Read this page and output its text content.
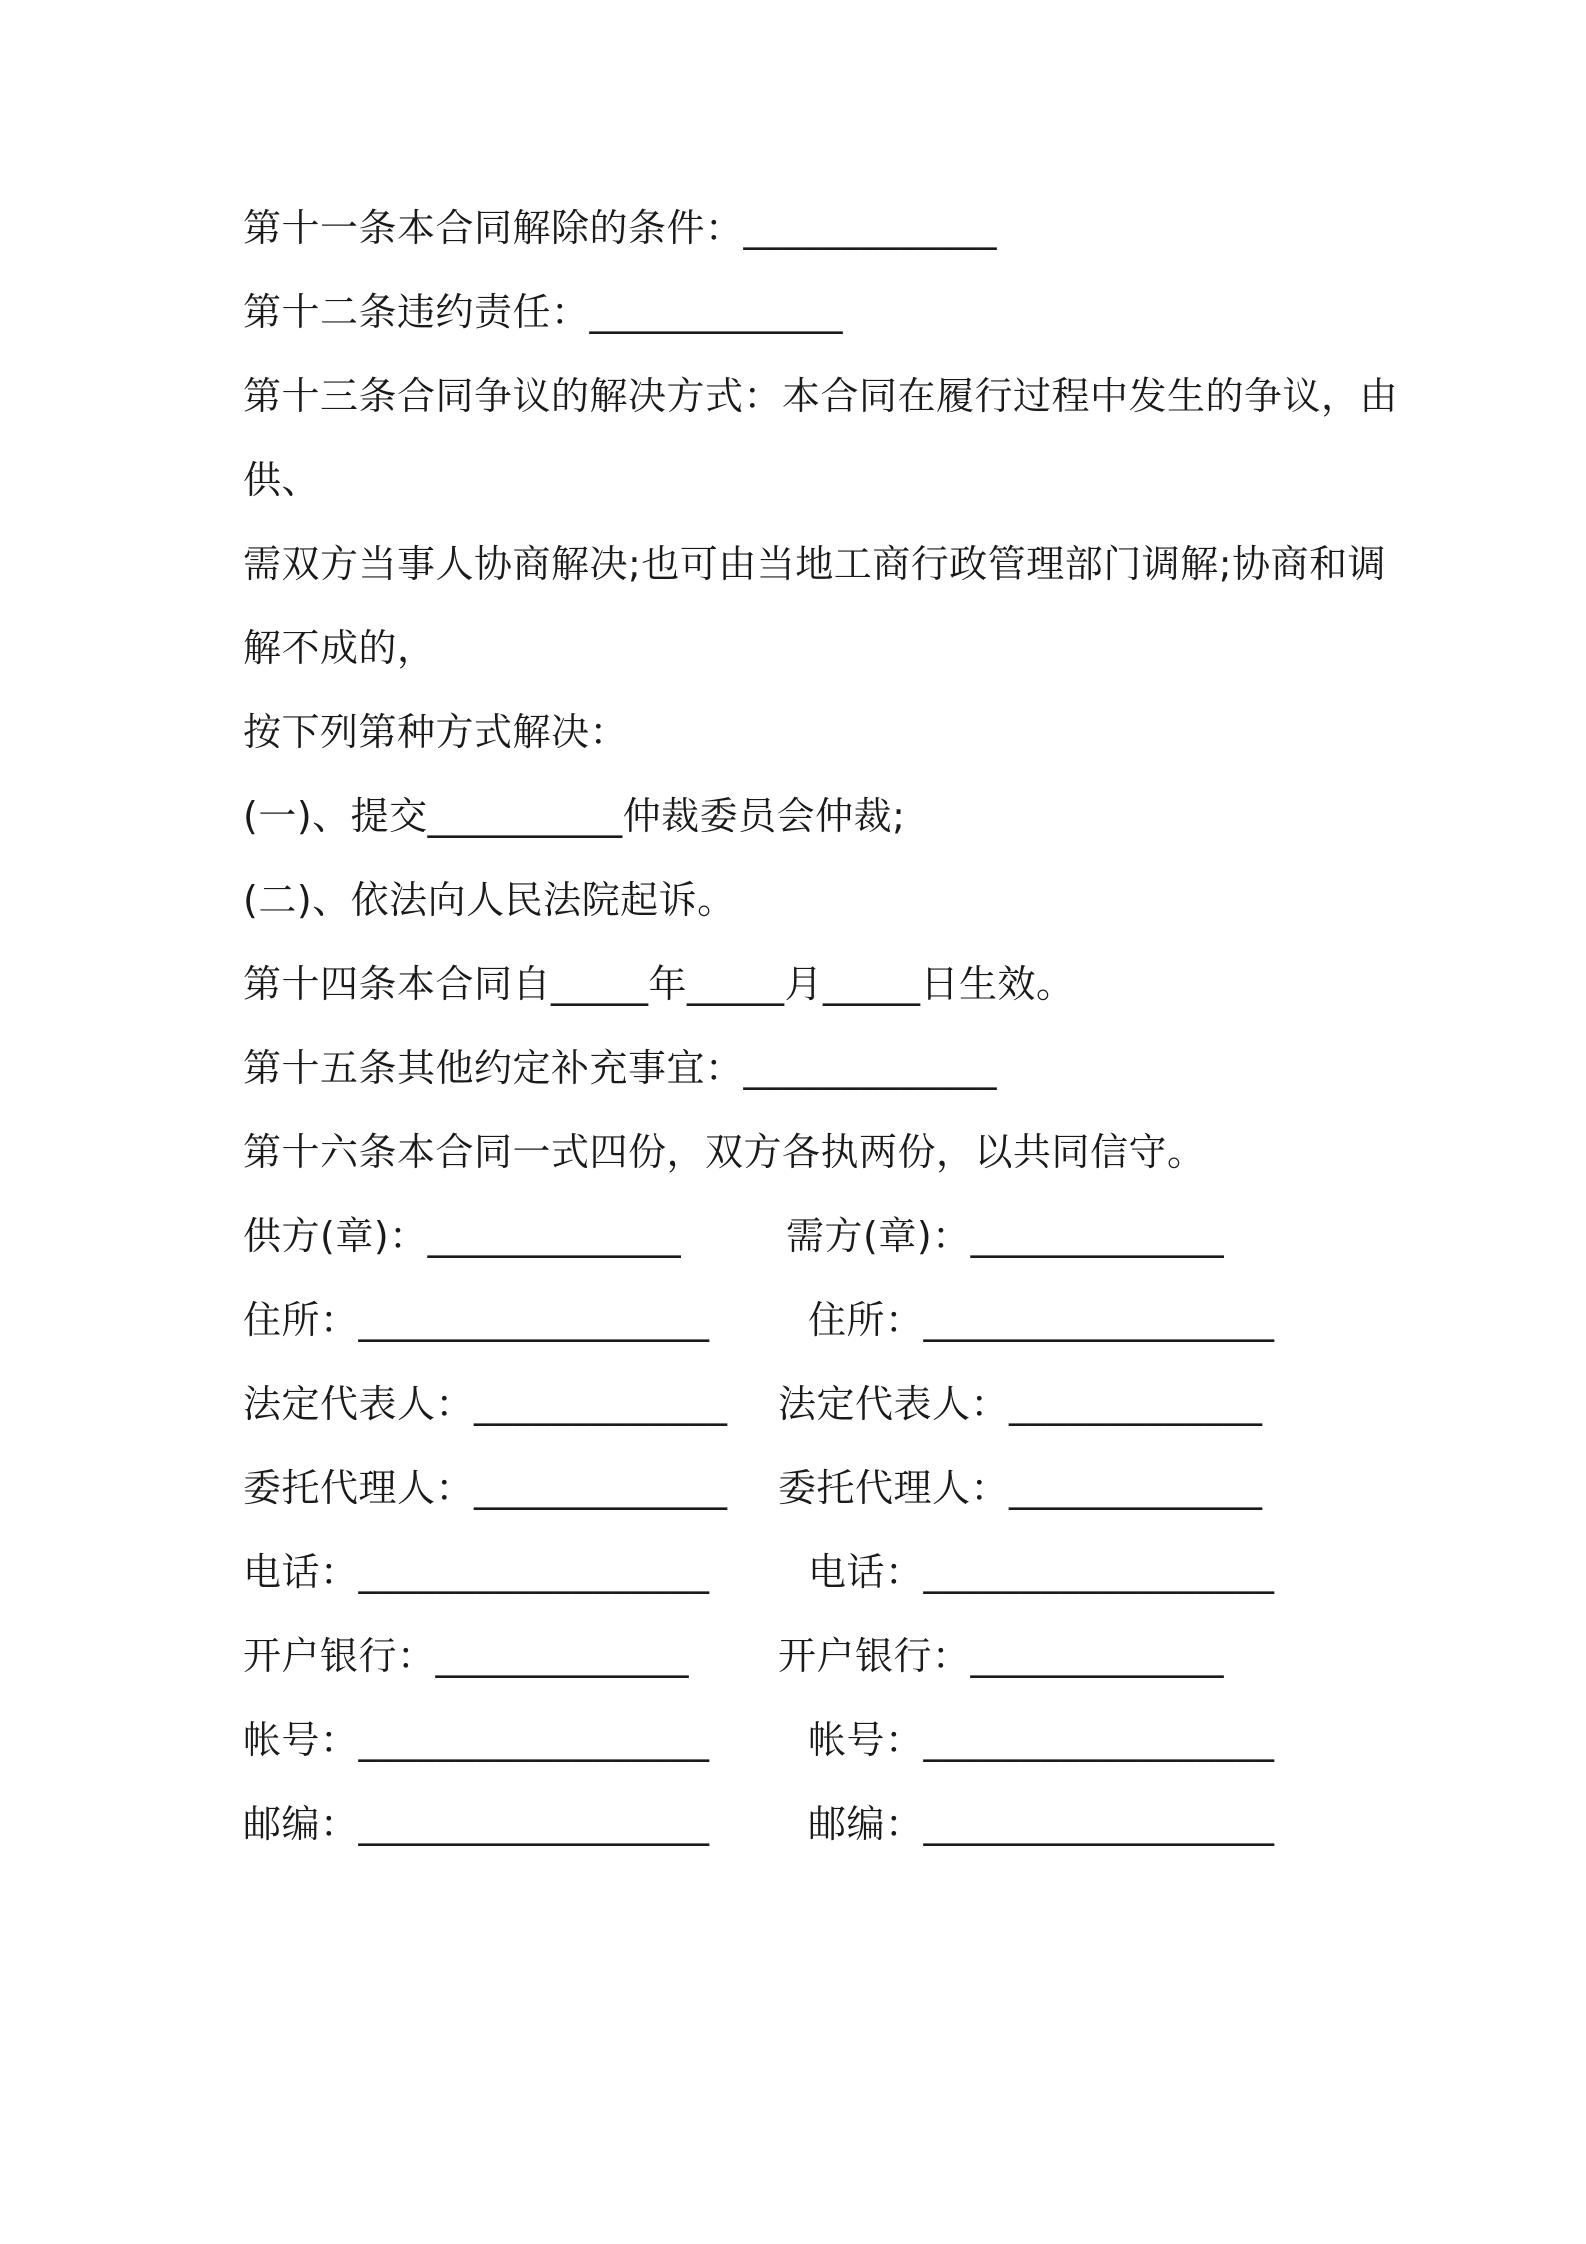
第十一条本合同解除的条件：_____________
第十二条违约责任：_____________
第十三条合同争议的解决方式：本合同在履行过程中发生的争议，由
供、
需双方当事人协商解决;也可由当地工商行政管理部门调解;协商和调
解不成的，
按下列第种方式解决：
(一)、提交__________仲裁委员会仲裁;
(二)、依法向人民法院起诉。
第十四条本合同自_____年_____月_____日生效。
第十五条其他约定补充事宜：_____________
第十六条本合同一式四份，双方各执两份，以共同信守。
供方(章)：_____________	需方(章)：_____________
住所：__________________	住所：__________________
法定代表人：_____________ 法定代表人：_____________
委托代理人：_____________ 委托代理人：_____________
电话：__________________	电话：__________________
开户银行：_____________ 开户银行：_____________
帐号：__________________	帐号：__________________
邮编：__________________	邮编：__________________
